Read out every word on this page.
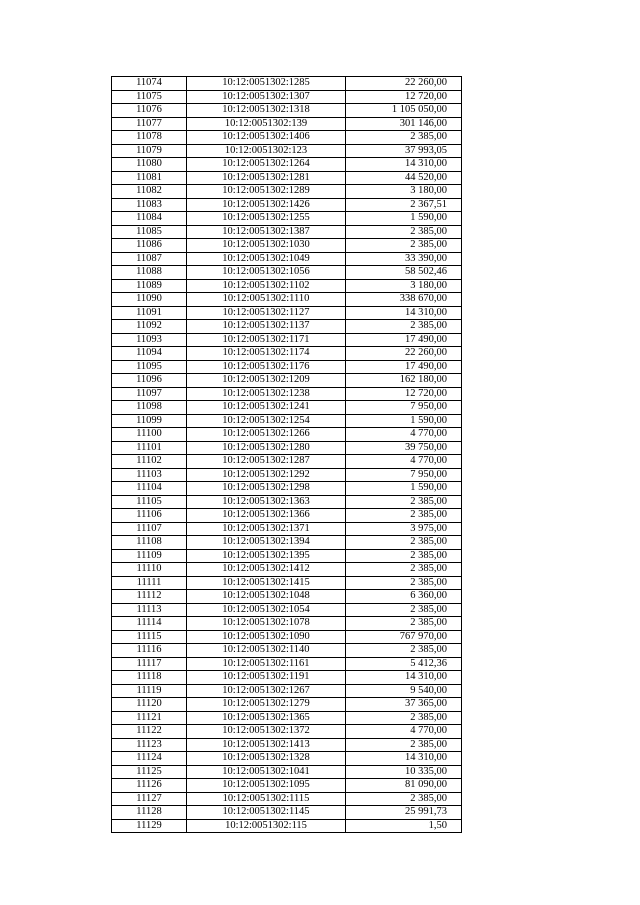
11074	10:12:0051302:1285	22 260,00
11075	10:12:0051302:1307	12 720,00
11076	10:12:0051302:1318	1 105 050,00
11077	10:12:0051302:139	301 146,00
11078	10:12:0051302:1406	2 385,00
11079	10:12:0051302:123	37 993,05
11080	10:12:0051302:1264	14 310,00
11081	10:12:0051302:1281	44 520,00
11082	10:12:0051302:1289	3 180,00
11083	10:12:0051302:1426	2 367,51
11084	10:12:0051302:1255	1 590,00
11085	10:12:0051302:1387	2 385,00
11086	10:12:0051302:1030	2 385,00
11087	10:12:0051302:1049	33 390,00
11088	10:12:0051302:1056	58 502,46
11089	10:12:0051302:1102	3 180,00
11090	10:12:0051302:1110	338 670,00
11091	10:12:0051302:1127	14 310,00
11092	10:12:0051302:1137	2 385,00
11093	10:12:0051302:1171	17 490,00
11094	10:12:0051302:1174	22 260,00
11095	10:12:0051302:1176	17 490,00
11096	10:12:0051302:1209	162 180,00
11097	10:12:0051302:1238	12 720,00
11098	10:12:0051302:1241	7 950,00
11099	10:12:0051302:1254	1 590,00
11100	10:12:0051302:1266	4 770,00
11101	10:12:0051302:1280	39 750,00
11102	10:12:0051302:1287	4 770,00
11103	10:12:0051302:1292	7 950,00
11104	10:12:0051302:1298	1 590,00
11105	10:12:0051302:1363	2 385,00
11106	10:12:0051302:1366	2 385,00
11107	10:12:0051302:1371	3 975,00
11108	10:12:0051302:1394	2 385,00
11109	10:12:0051302:1395	2 385,00
11110	10:12:0051302:1412	2 385,00
11111	10:12:0051302:1415	2 385,00
11112	10:12:0051302:1048	6 360,00
11113	10:12:0051302:1054	2 385,00
11114	10:12:0051302:1078	2 385,00
11115	10:12:0051302:1090	767 970,00
11116	10:12:0051302:1140	2 385,00
11117	10:12:0051302:1161	5 412,36
11118	10:12:0051302:1191	14 310,00
11119	10:12:0051302:1267	9 540,00
11120	10:12:0051302:1279	37 365,00
11121	10:12:0051302:1365	2 385,00
11122	10:12:0051302:1372	4 770,00
11123	10:12:0051302:1413	2 385,00
11124	10:12:0051302:1328	14 310,00
11125	10:12:0051302:1041	10 335,00
11126	10:12:0051302:1095	81 090,00
11127	10:12:0051302:1115	2 385,00
11128	10:12:0051302:1145	25 991,73
11129	10:12:0051302:115	1,50
